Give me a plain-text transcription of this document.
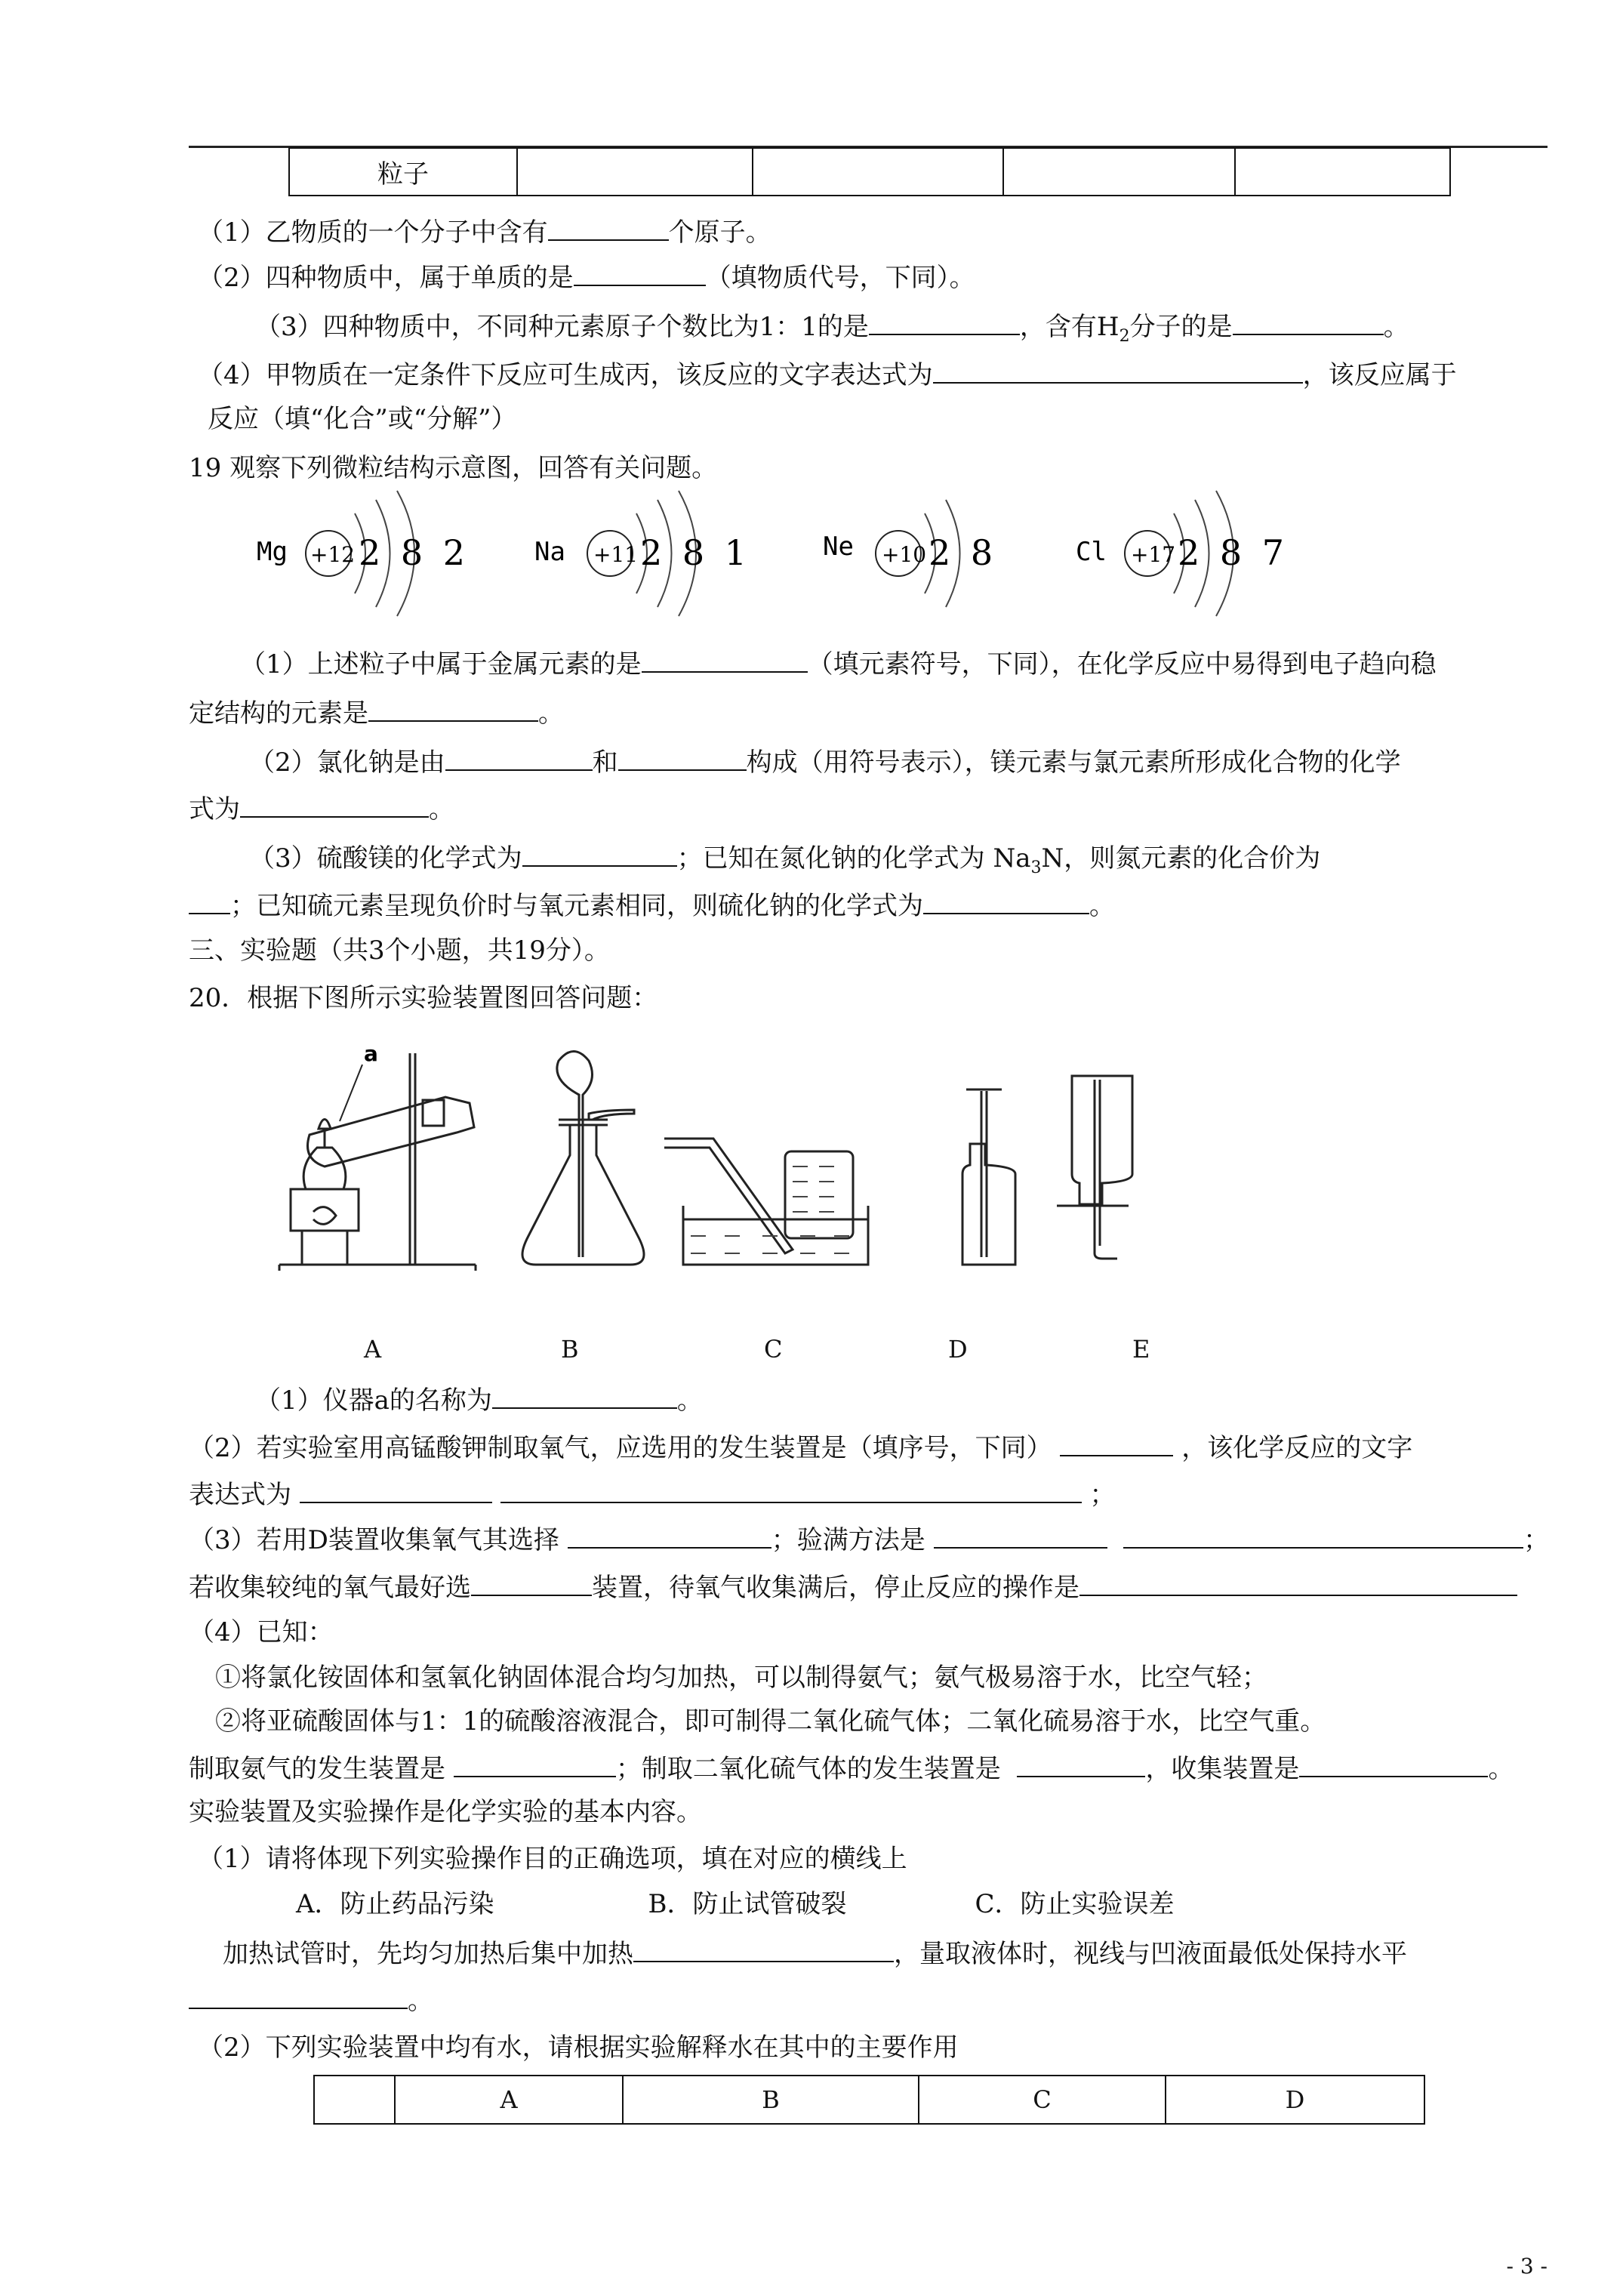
粒子				
（1）乙物质的一个分子中含有	个原子。
（2）四种物质中，属于单质的是	（填物质代号，下同）。
（3）四种物质中，不同种元素原子个数比为1：1的是	，含有$H_2$分子的是	。
（4）甲物质在一定条件下反应可生成丙，该反应的文字表达式为	，该反应属于
反应（填“化合”或“分解”）
19 观察下列微粒结构示意图，回答有关问题。
Mg +12 2 8 2	Na +11 2 8 1	Ne +10 2 8	Cl +17 2 8 7
（1）上述粒子中属于金属元素的是	（填元素符号，下同），在化学反应中易得到电子趋向稳
定结构的元素是	。
（2）氯化钠是由	和	构成（用符号表示），镁元素与氯元素所形成化合物的化学
式为	。
（3）硫酸镁的化学式为	；已知在氮化钠的化学式为 $Na_3N$，则氮元素的化合价为
；已知硫元素呈现负价时与氧元素相同，则硫化钠的化学式为	。
三、实验题（共3个小题，共19分）。
20．根据下图所示实验装置图回答问题：
a
A	B	C	D	E
（1）仪器a的名称为	。
（2）若实验室用高锰酸钾制取氧气，应选用的发生装置是（填序号，下同）	，该化学反应的文字
表达式为	；
（3）若用D装置收集氧气其选择	；验满方法是	；
若收集较纯的氧气最好选	装置，待氧气收集满后，停止反应的操作是
（4）已知：
①将氯化铵固体和氢氧化钠固体混合均匀加热，可以制得氨气；氨气极易溶于水，比空气轻；
②将亚硫酸固体与1：1的硫酸溶液混合，即可制得二氧化硫气体；二氧化硫易溶于水，比空气重。
制取氨气的发生装置是	；制取二氧化硫气体的发生装置是	，收集装置是	。
实验装置及实验操作是化学实验的基本内容。
（1）请将体现下列实验操作目的正确选项，填在对应的横线上
A．防止药品污染　　　　　　B．防止试管破裂　　　　　C．防止实验误差
加热试管时，先均匀加热后集中加热	，量取液体时，视线与凹液面最低处保持水平
。
（2）下列实验装置中均有水，请根据实验解释水在其中的主要作用
	A	B	C	D
- 3 -
